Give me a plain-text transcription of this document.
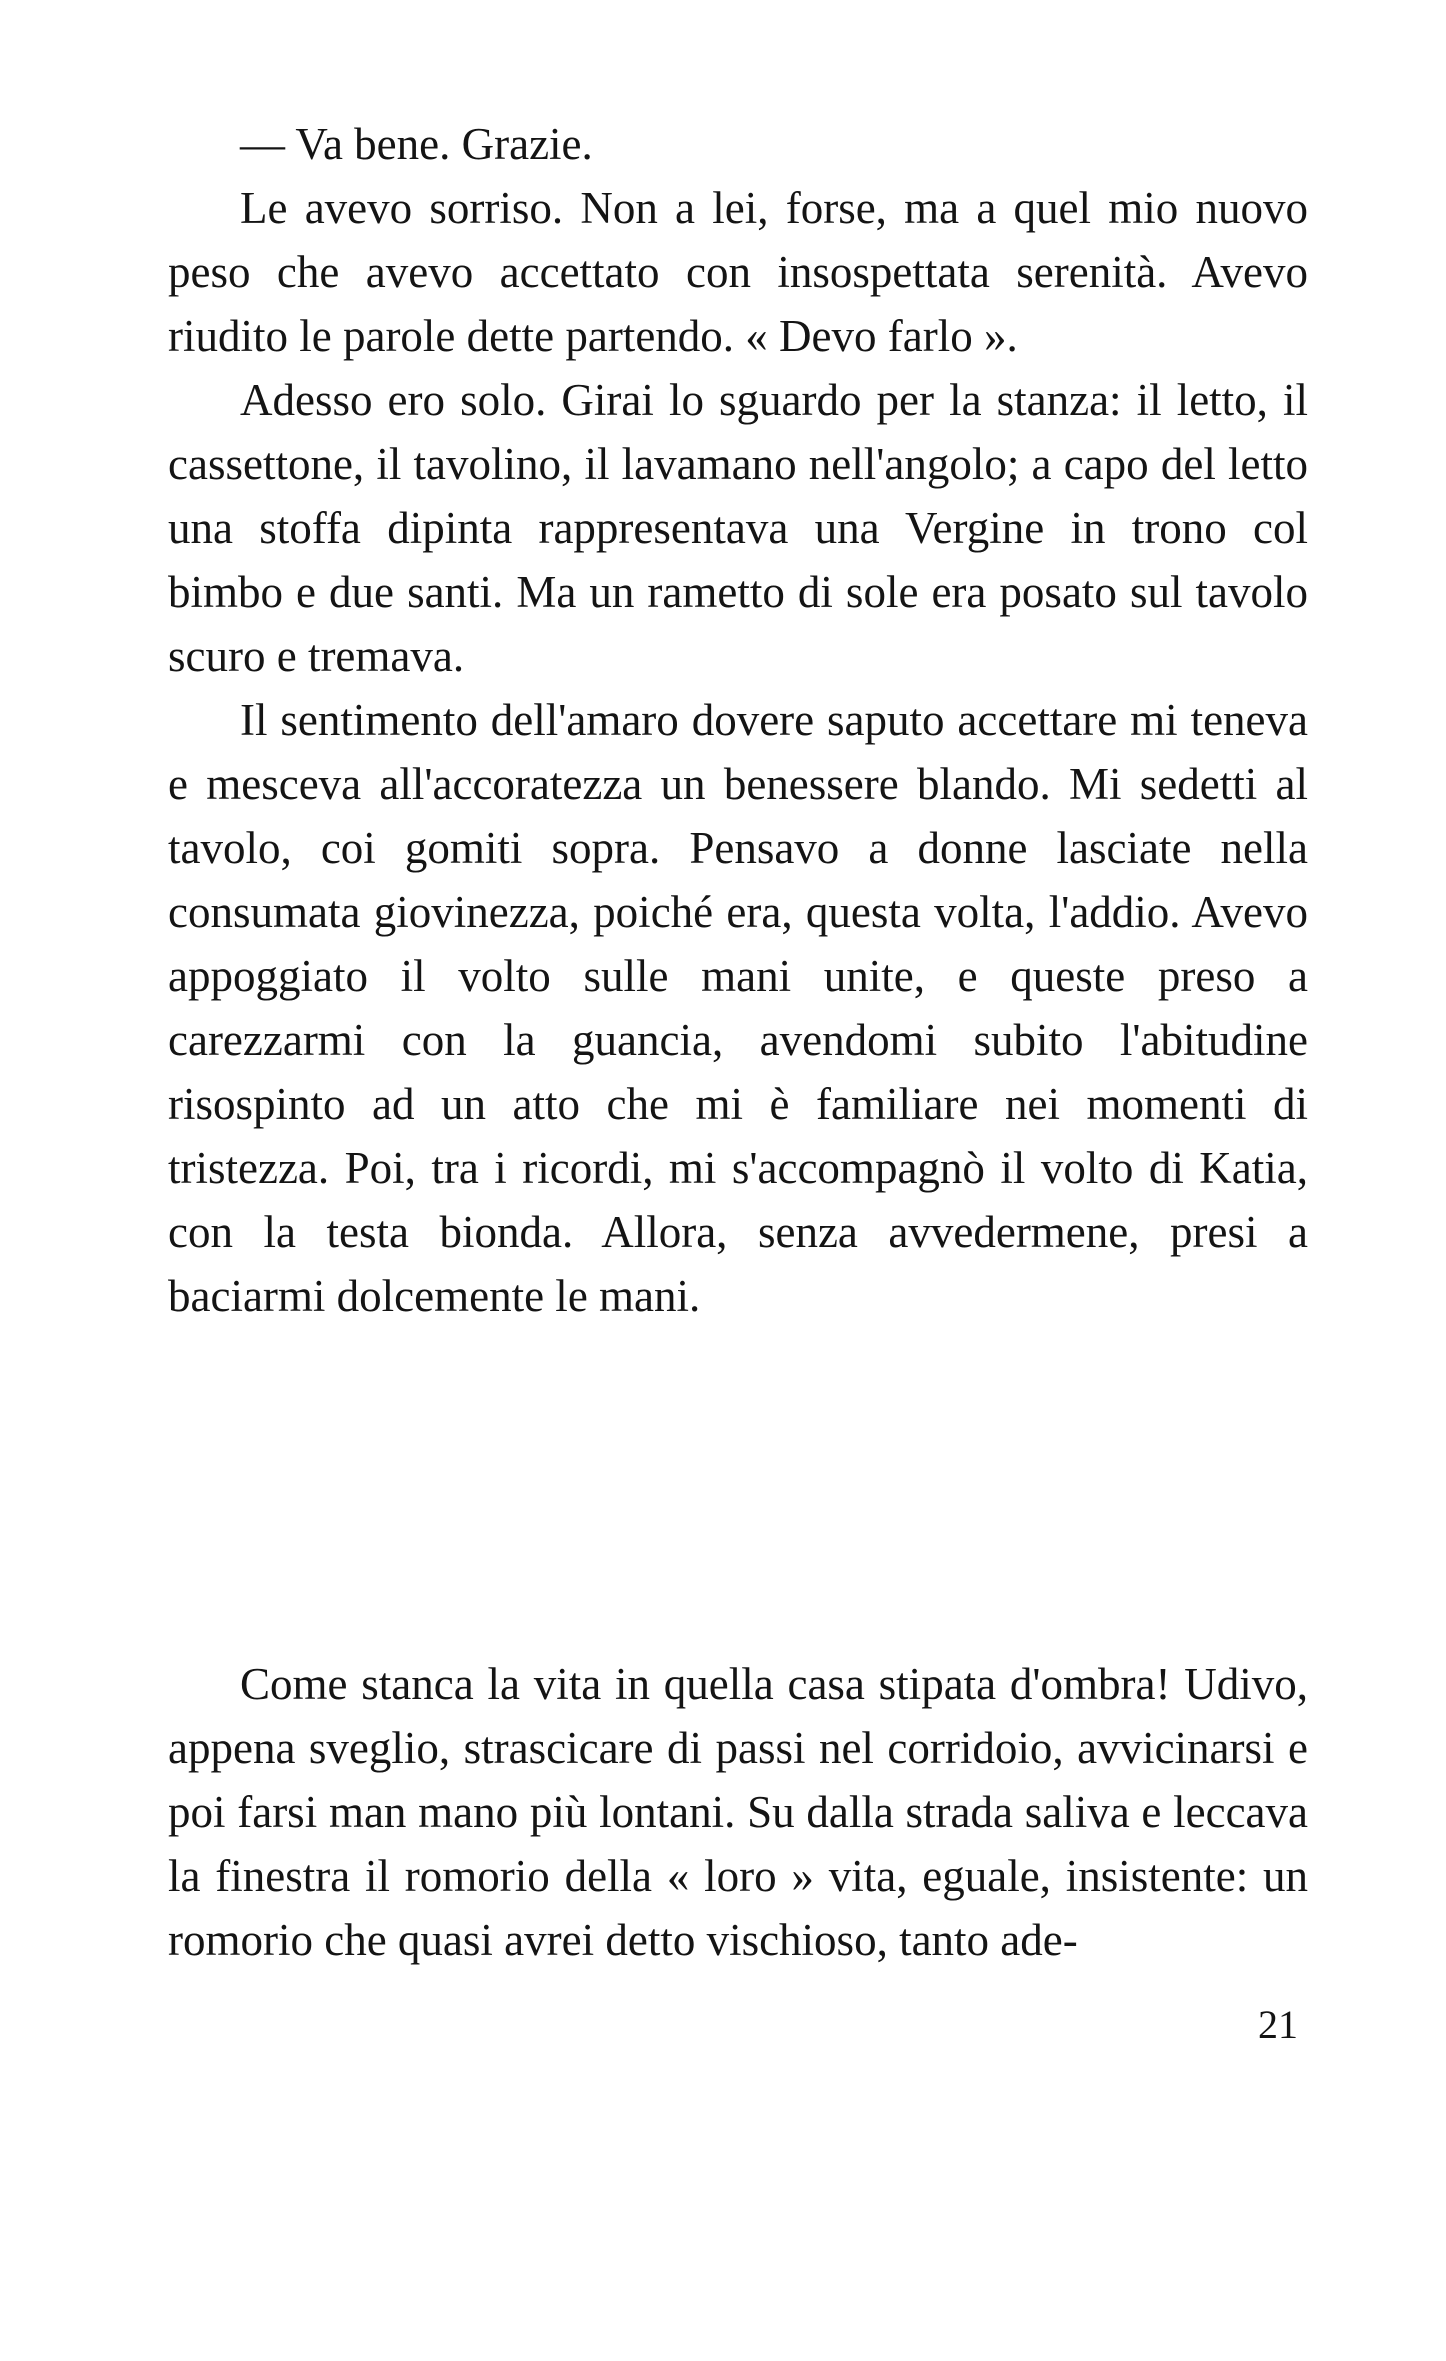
— Va bene. Grazie.

Le avevo sorriso. Non a lei, forse, ma a quel mio nuovo peso che avevo accettato con insospettata serenità. Avevo riudito le parole dette partendo. « Devo farlo ».

Adesso ero solo. Girai lo sguardo per la stanza: il letto, il cassettone, il tavolino, il lavamano nell'angolo; a capo del letto una stoffa dipinta rappresentava una Vergine in trono col bimbo e due santi. Ma un rametto di sole era posato sul tavolo scuro e tremava.

Il sentimento dell'amaro dovere saputo accettare mi teneva e mesceva all'accoratezza un benessere blando. Mi sedetti al tavolo, coi gomiti sopra. Pensavo a donne lasciate nella consumata giovinezza, poiché era, questa volta, l'addio. Avevo appoggiato il volto sulle mani unite, e queste preso a carezzarmi con la guancia, avendomi subito l'abitudine risospinto ad un atto che mi è familiare nei momenti di tristezza. Poi, tra i ricordi, mi s'accompagnò il volto di Katia, con la testa bionda. Allora, senza avvedermene, presi a baciarmi dolcemente le mani.

Come stanca la vita in quella casa stipata d'ombra! Udivo, appena sveglio, strascicare di passi nel corridoio, avvicinarsi e poi farsi man mano più lontani. Su dalla strada saliva e leccava la finestra il romorio della « loro » vita, eguale, insistente: un romorio che quasi avrei detto vischioso, tanto ade-

21
